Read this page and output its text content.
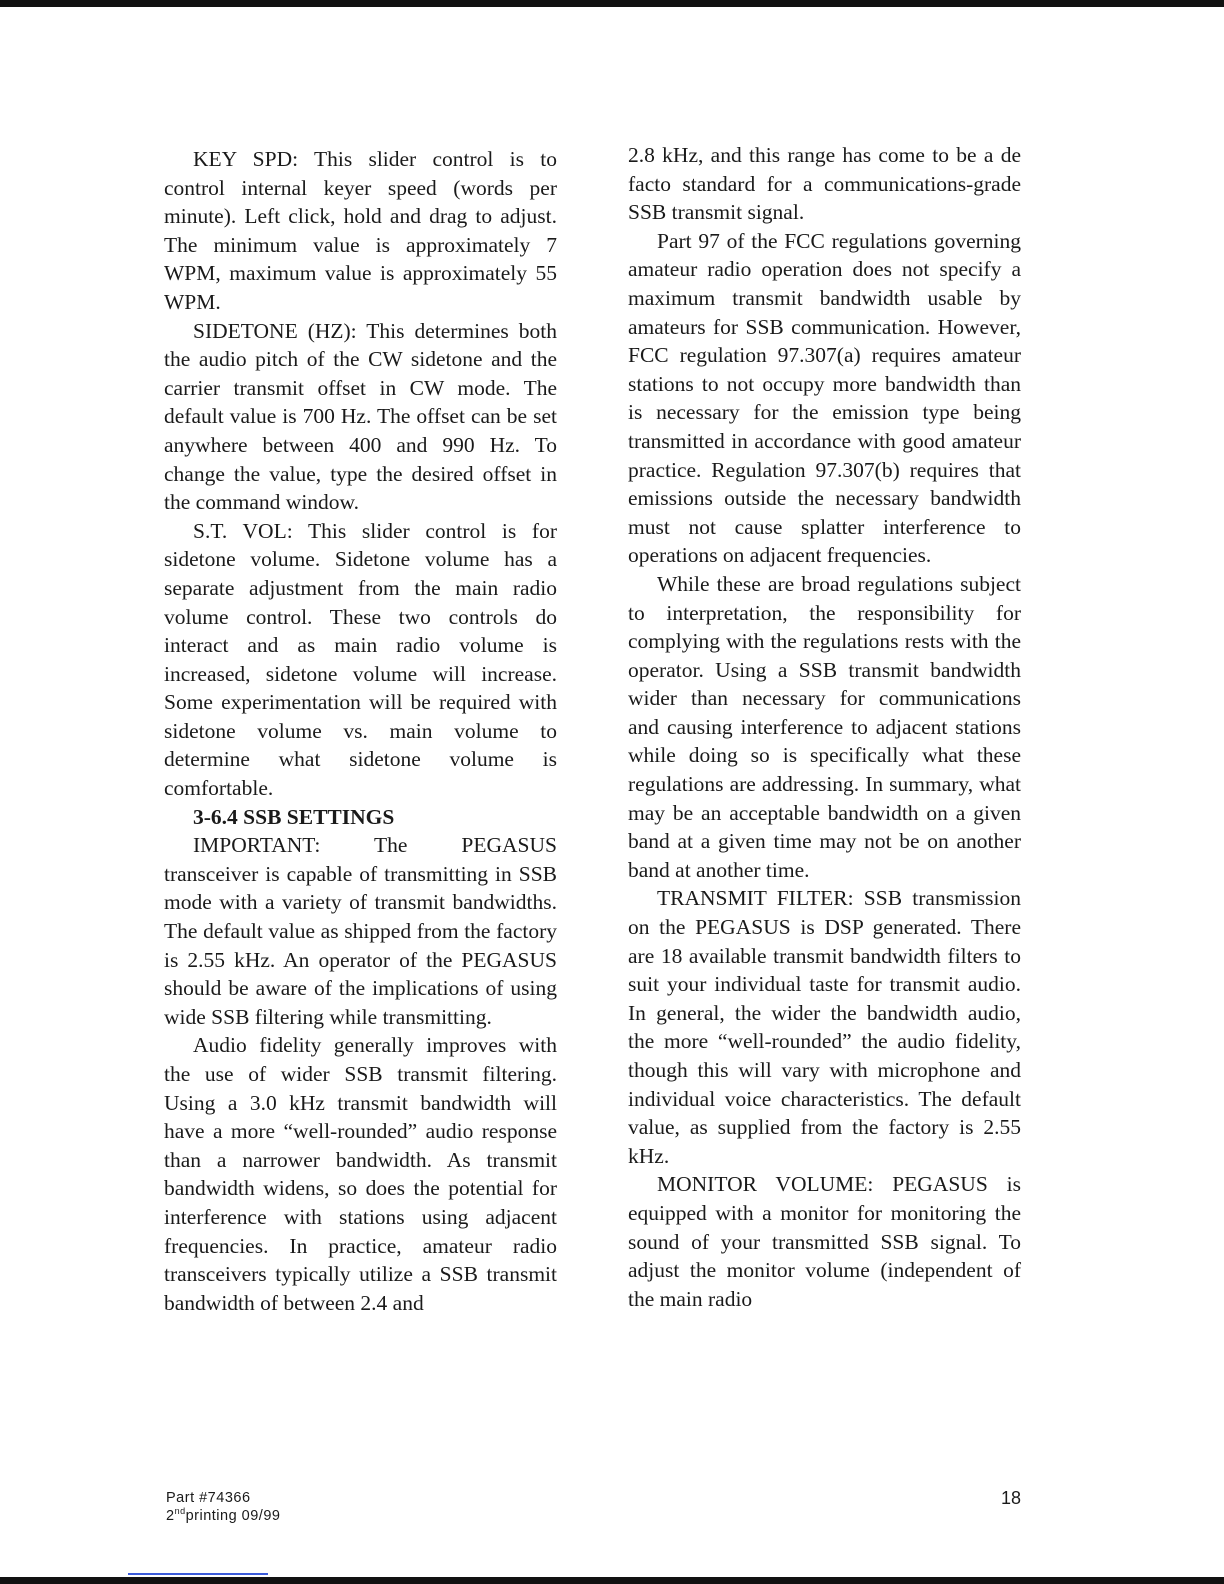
KEY SPD: This slider control is to control internal keyer speed (words per minute). Left click, hold and drag to adjust. The minimum value is approximately 7 WPM, maximum value is approximately 55 WPM.

SIDETONE (HZ): This determines both the audio pitch of the CW sidetone and the carrier transmit offset in CW mode. The default value is 700 Hz. The offset can be set anywhere between 400 and 990 Hz. To change the value, type the desired offset in the command window.

S.T. VOL: This slider control is for sidetone volume. Sidetone volume has a separate adjustment from the main radio volume control. These two controls do interact and as main radio volume is increased, sidetone volume will increase. Some experimentation will be required with sidetone volume vs. main volume to determine what sidetone volume is comfortable.

3-6.4 SSB SETTINGS

IMPORTANT: The PEGASUS transceiver is capable of transmitting in SSB mode with a variety of transmit bandwidths. The default value as shipped from the factory is 2.55 kHz. An operator of the PEGASUS should be aware of the implications of using wide SSB filtering while transmitting.

Audio fidelity generally improves with the use of wider SSB transmit filtering. Using a 3.0 kHz transmit bandwidth will have a more “well-rounded” audio response than a narrower bandwidth. As transmit bandwidth widens, so does the potential for interference with stations using adjacent frequencies. In practice, amateur radio transceivers typically utilize a SSB transmit bandwidth of between 2.4 and

2.8 kHz, and this range has come to be a de facto standard for a communications-grade SSB transmit signal.

Part 97 of the FCC regulations governing amateur radio operation does not specify a maximum transmit bandwidth usable by amateurs for SSB communication. However, FCC regulation 97.307(a) requires amateur stations to not occupy more bandwidth than is necessary for the emission type being transmitted in accordance with good amateur practice. Regulation 97.307(b) requires that emissions outside the necessary bandwidth must not cause splatter interference to operations on adjacent frequencies.

While these are broad regulations subject to interpretation, the responsibility for complying with the regulations rests with the operator. Using a SSB transmit bandwidth wider than necessary for communications and causing interference to adjacent stations while doing so is specifically what these regulations are addressing. In summary, what may be an acceptable bandwidth on a given band at a given time may not be on another band at another time.

TRANSMIT FILTER: SSB transmission on the PEGASUS is DSP generated. There are 18 available transmit bandwidth filters to suit your individual taste for transmit audio. In general, the wider the bandwidth audio, the more “well-rounded” the audio fidelity, though this will vary with microphone and individual voice characteristics. The default value, as supplied from the factory is 2.55 kHz.

MONITOR VOLUME: PEGASUS is equipped with a monitor for monitoring the sound of your transmitted SSB signal. To adjust the monitor volume (independent of the main radio

Part #74366
2ndprinting 09/99
18
